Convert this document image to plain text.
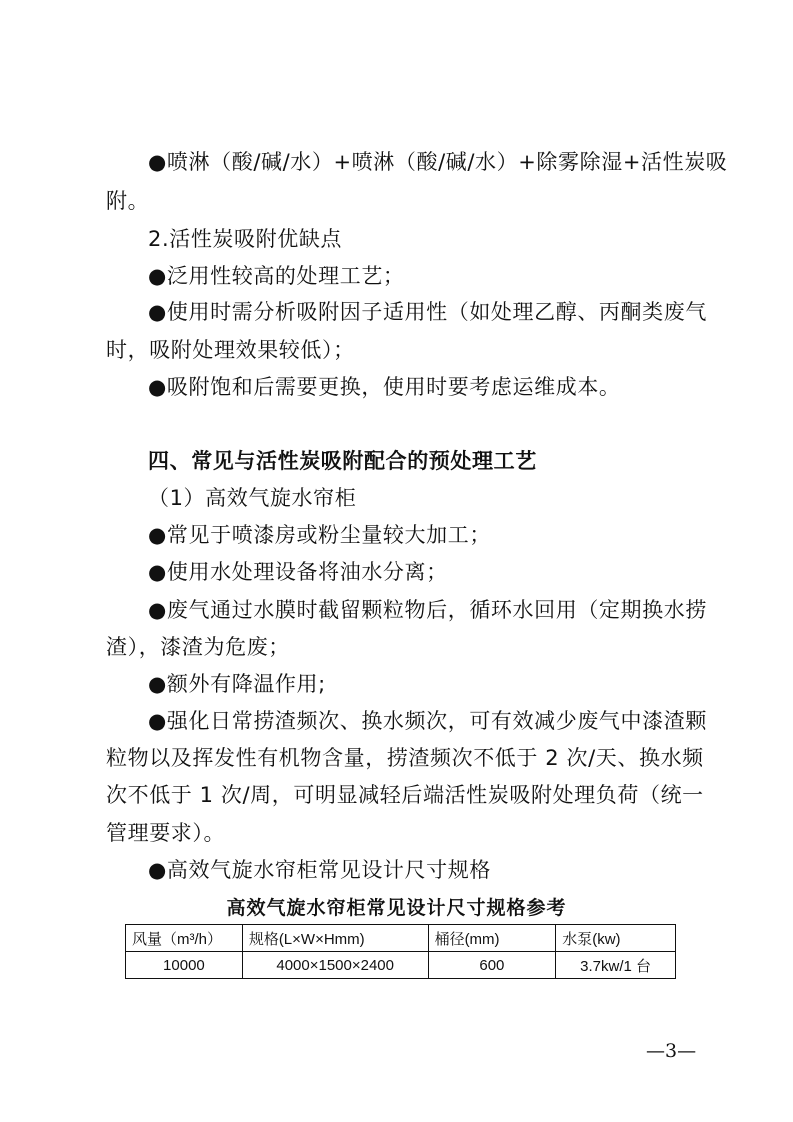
●喷淋（酸/碱/水）+喷淋（酸/碱/水）+除雾除湿+活性炭吸
附。
2.活性炭吸附优缺点
●泛用性较高的处理工艺；
●使用时需分析吸附因子适用性（如处理乙醇、丙酮类废气
时，吸附处理效果较低）；
●吸附饱和后需要更换，使用时要考虑运维成本。
四、常见与活性炭吸附配合的预处理工艺
（1）高效气旋水帘柜
●常见于喷漆房或粉尘量较大加工；
●使用水处理设备将油水分离；
●废气通过水膜时截留颗粒物后，循环水回用（定期换水捞
渣），漆渣为危废；
●额外有降温作用;
●强化日常捞渣频次、换水频次，可有效减少废气中漆渣颗
粒物以及挥发性有机物含量，捞渣频次不低于 2 次/天、换水频
次不低于 1 次/周，可明显减轻后端活性炭吸附处理负荷（统一
管理要求）。
●高效气旋水帘柜常见设计尺寸规格
高效气旋水帘柜常见设计尺寸规格参考
风量（m³/h）	规格(L×W×Hmm)	桶径(mm)	水泵(kw)
10000	4000×1500×2400	600	3.7kw/1 台
—3—
